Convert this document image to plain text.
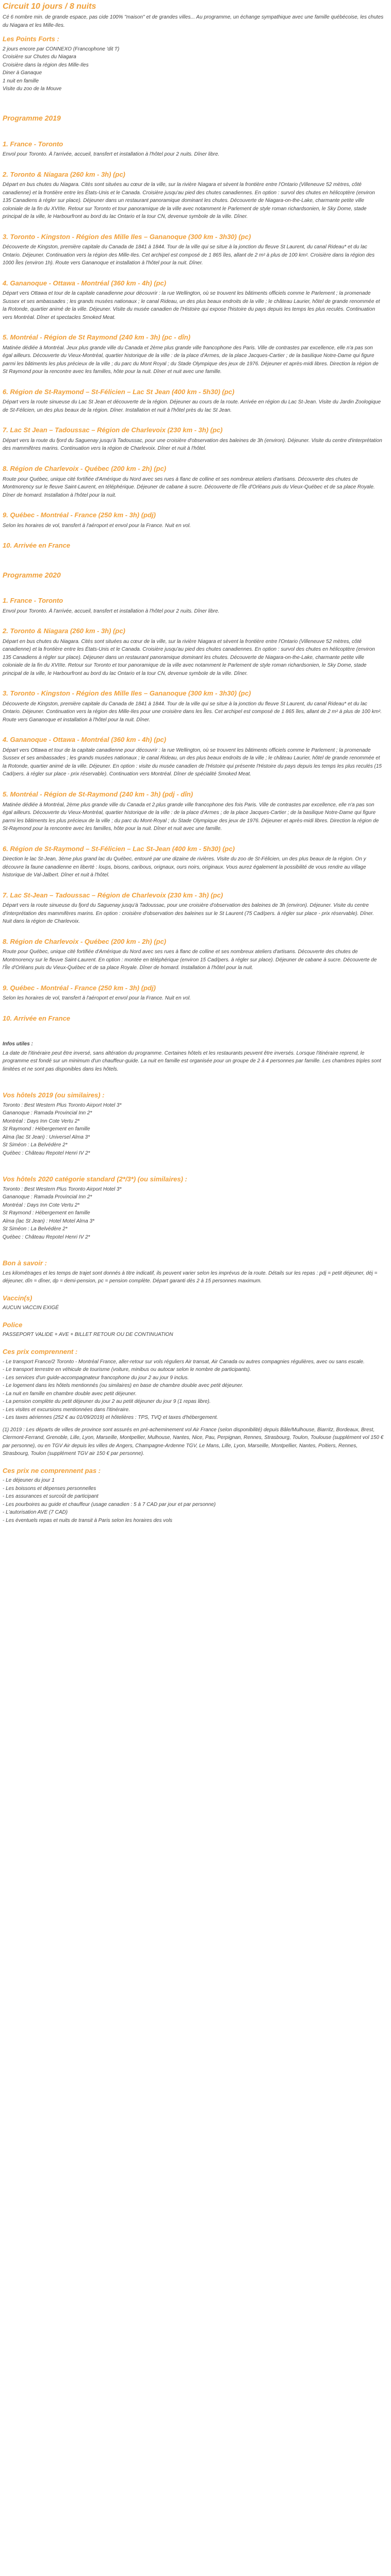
Circuit 10 jours / 8 nuits

Cé 6 nombre min. de grande espace, pas cide 100% "maison" et de grandes villes... Au programme, un échange sympathique avec une famille québécoise, les chutes du Niagara et les Mille-Iles.

Les Points Forts :
2 jours encore par CONNEXO (Francophone 'dit 'l')
Croisière sur Chutes du Niagara
Croisière dans la région des Mille-Iles
Diner à Ganaque
1 nuit en famille
Visite du zoo de la Mouve
Programme 2019
1. France - Toronto

Envol pour Toronto. À l'arrivée, accueil, transfert et installation à l'hôtel pour 2 nuits. Dîner libre.

2. Toronto & Niagara (260 km - 3h) (pc)

Départ en bus chutes du Niagara. Cités sont situées au cœur de la ville, sur la rivière Niagara et sèvent la frontière entre l'Ontario (Villeneuve 52 mètres, côté canadienne) et la frontière entre les États-Unis et le Canada. Croisière jusqu'au pied des chutes canadiennes. En option : survol des chutes en hélicoptère (environ 135 Canadiens à régler sur place). Déjeuner dans un restaurant panoramique dominant les chutes. Découverte de Niagara-on-the-Lake, charmante petite ville coloniale de la fin du XVIIIe. Retour sur Toronto et tour panoramique de la ville avec notamment le Parlement de style roman richardsonien, le Sky Dome, stade principal de la ville, le Harbourfront au bord du lac Ontario et la tour CN, devenue symbole de la ville. Dîner.

3. Toronto - Kingston - Région des Mille Iles – Gananoque (300 km - 3h30) (pc)

Découverte de Kingston, première capitale du Canada de 1841 à 1844. Tour de la ville qui se situe à la jonction du fleuve St Laurent, du canal Rideau* et du lac Ontario. Déjeuner. Continuation vers la région des Mille-Iles. Cet archipel est composé de 1 865 îles, allant de 2 m² à plus de 100 km². Croisière dans la région des 1000 Îles (environ 1h). Route vers Gananoque et installation à l'hôtel pour la nuit. Dîner.

4. Gananoque - Ottawa - Montréal (360 km - 4h) (pc)

Départ vers Ottawa et tour de la capitale canadienne pour découvrir : la rue Wellington, où se trouvent les bâtiments officiels comme le Parlement ; la promenade Sussex et ses ambassades ; les grands musées nationaux ; le canal Rideau, un des plus beaux endroits de la ville ; le château Laurier, hôtel de grande renommée et la Rotonde, quartier animé de la ville. Déjeuner. Visite du musée canadien de l'Histoire qui expose l'histoire du pays depuis les temps les plus reculés. Continuation vers Montréal. Dîner et spectacles Smoked Meat.

5. Montréal - Région de St Raymond (240 km - 3h) (pc - dîn)

Matinée dédiée à Montréal. Jeux plus grande ville du Canada et 2ème plus grande ville francophone des Paris. Ville de contrastes par excellence, elle n'a pas son égal ailleurs. Découverte du Vieux-Montréal, quartier historique de la ville : de la place d'Armes, de la place Jacques-Cartier ; de la basilique Notre-Dame qui figure parmi les bâtiments les plus précieux de la ville ; du parc du Mont Royal ; du Stade Olympique des jeux de 1976. Déjeuner et après-midi libres. Direction la région de St Raymond pour la rencontre avec les familles, hôte pour la nuit. Dîner et nuit avec une famille.

6. Région de St-Raymond – St-Félicien – Lac St Jean (400 km - 5h30) (pc)

Départ vers la route sinueuse du Lac St Jean et découverte de la région. Déjeuner au cours de la route. Arrivée en région du Lac St-Jean. Visite du Jardin Zoologique de St-Félicien, un des plus beaux de la région. Dîner. Installation et nuit à l'hôtel près du lac St Jean.

7. Lac St Jean – Tadoussac – Région de Charlevoix (230 km - 3h) (pc)

Départ vers la route du fjord du Saguenay jusqu'à Tadoussac, pour une croisière d'observation des baleines de 3h (environ). Déjeuner. Visite du centre d'interprétation des mammifères marins. Continuation vers la région de Charlevoix. Dîner et nuit à l'hôtel.

8. Région de Charlevoix - Québec (200 km - 2h) (pc)

Route pour Québec, unique cité fortifiée d'Amérique du Nord avec ses rues à flanc de colline et ses nombreux ateliers d'artisans. Découverte des chutes de Montmorency sur le fleuve Saint-Laurent, en téléphérique. Déjeuner de cabane à sucre. Découverte de l'Île d'Orléans puis du Vieux-Québec et de sa place Royale. Dîner de homard. Installation à l'hôtel pour la nuit.

9. Québec - Montréal - France (250 km - 3h) (pdj)

Selon les horaires de vol, transfert à l'aéroport et envol pour la France. Nuit en vol.

10. Arrivée en France
Programme 2020
1. France - Toronto

Envol pour Toronto. À l'arrivée, accueil, transfert et installation à l'hôtel pour 2 nuits. Dîner libre.

2. Toronto & Niagara (260 km - 3h) (pc)

Départ en bus chutes du Niagara. Cités sont situées au cœur de la ville, sur la rivière Niagara et sèvent la frontière entre l'Ontario (Villeneuve 52 mètres, côté canadienne) et la frontière entre les États-Unis et le Canada. Croisière jusqu'au pied des chutes canadiennes. En option : survol des chutes en hélicoptère (environ 135 Canadiens à régler sur place). Déjeuner dans un restaurant panoramique dominant les chutes. Découverte de Niagara-on-the-Lake, charmante petite ville coloniale de la fin du XVIIIe. Retour sur Toronto et tour panoramique de la ville avec notamment le Parlement de style roman richardsonien, le Sky Dome, stade principal de la ville, le Harbourfront au bord du lac Ontario et la tour CN, devenue symbole de la ville. Dîner.

3. Toronto - Kingston - Région des Mille Iles – Gananoque (300 km - 3h30) (pc)

Découverte de Kingston, première capitale du Canada de 1841 à 1844. Tour de la ville qui se situe à la jonction du fleuve St Laurent, du canal Rideau* et du lac Ontario. Déjeuner. Continuation vers la région des Mille-Iles pour une croisière dans les Îles. Cet archipel est composé de 1 865 îles, allant de 2 m² à plus de 100 km². Route vers Gananoque et installation à l'hôtel pour la nuit. Dîner.

4. Gananoque - Ottawa - Montréal (360 km - 4h) (pc)

Départ vers Ottawa et tour de la capitale canadienne pour découvrir : la rue Wellington, où se trouvent les bâtiments officiels comme le Parlement ; la promenade Sussex et ses ambassades ; les grands musées nationaux ; le canal Rideau, un des plus beaux endroits de la ville ; le château Laurier, hôtel de grande renommée et la Rotonde, quartier animé de la ville. Déjeuner. En option : visite du musée canadien de l'Histoire qui présente l'Histoire du pays depuis les temps les plus reculés (15 Cad/pers. à régler sur place - prix réservable). Continuation vers Montréal. Dîner de spécialité Smoked Meat.

5. Montréal - Région de St-Raymond (240 km - 3h) (pdj - dîn)

Matinée dédiée à Montréal, 2ème plus grande ville du Canada et 2.plus grande ville francophone des fois Paris. Ville de contrastes par excellence, elle n'a pas son égal ailleurs. Découverte du Vieux-Montréal, quartier historique de la ville : de la place d'Armes ; de la place Jacques-Cartier ; de la basilique Notre-Dame qui figure parmi les bâtiments les plus précieux de la ville ; du parc du Mont-Royal ; du Stade Olympique des jeux de 1976. Déjeuner et après-midi libres. Direction la région de St-Raymond pour la rencontre avec les familles, hôte pour la nuit. Dîner et nuit avec une famille.

6. Région de St-Raymond – St-Félicien – Lac St-Jean (400 km - 5h30) (pc)

Direction le lac St-Jean, 3ème plus grand lac du Québec, entouré par une dizaine de rivières. Visite du zoo de St-Félicien, un des plus beaux de la région. On y découvre la faune canadienne en liberté : loups, bisons, caribous, orignaux, ours noirs, originaux. Vous aurez également la possibilité de vous rendre au village historique de Val-Jalbert. Dîner et nuit à l'hôtel.

7. Lac St-Jean – Tadoussac – Région de Charlevoix (230 km - 3h) (pc)

Départ vers la route sinueuse du fjord du Saguenay jusqu'à Tadoussac, pour une croisière d'observation des baleines de 3h (environ). Déjeuner. Visite du centre d'interprétation des mammifères marins. En option : croisière d'observation des baleines sur le St Laurent (75 Cad/pers. à régler sur place - prix réservable). Dîner. Nuit dans la région de Charlevoix.

8. Région de Charlevoix - Québec (200 km - 2h) (pc)

Route pour Québec, unique cité fortifiée d'Amérique du Nord avec ses rues à flanc de colline et ses nombreux ateliers d'artisans. Découverte des chutes de Montmorency sur le fleuve Saint-Laurent. En option : montée en téléphérique (environ 15 Cad/pers. à régler sur place). Déjeuner de cabane à sucre. Découverte de l'Île d'Orléans puis du Vieux-Québec et de sa place Royale. Dîner de homard. Installation à l'hôtel pour la nuit.

9. Québec - Montréal - France (250 km - 3h) (pdj)

Selon les horaires de vol, transfert à l'aéroport et envol pour la France. Nuit en vol.

10. Arrivée en France

Infos utiles :

La date de l'itinéraire peut être inversé, sans altération du programme. Certaines hôtels et les restaurants peuvent être inversés. Lorsque l'itinéraire reprend, le programme est fondé sur un minimum d'un chauffeur-guide. La nuit en famille est organisée pour un groupe de 2 à 4 personnes par famille. Les chambres triples sont limitées et ne sont pas disponibles dans les hôtels.

Vos hôtels 2019 (ou similaires) :
Toronto : Best Western Plus Toronto Airport Hotel 3*
Gananoque : Ramada Provincial Inn 2*
Montréal : Days Inn Cote Vertu 2*
St Raymond : Hébergement en famille
Alma (lac St Jean) : Universel Alma 3*
St Siméon : La Belvédère 2*
Québec : Château Repotel Henri IV 2*
Vos hôtels 2020 catégorie standard (2*/3*) (ou similaires) :
Toronto : Best Western Plus Toronto Airport Hotel 3*
Gananoque : Ramada Provincial Inn 2*
Montréal : Days Inn Cote Vertu 2*
St Raymond : Hébergement en famille
Alma (lac St Jean) : Hotel Motel Alma 3*
St Siméon : La Belvédère 2*
Québec : Château Repotel Henri IV 2*
Bon à savoir :

Les kilométrages et les temps de trajet sont donnés à titre indicatif, ils peuvent varier selon les imprévus de la route. Détails sur les repas : pdj = petit déjeuner, déj = déjeuner, dîn = dîner, dp = demi-pension, pc = pension complète. Départ garanti dès 2 à 15 personnes maximum.

Vaccin(s)

AUCUN VACCIN EXIGÉ

Police

PASSEPORT VALIDE + AVE + BILLET RETOUR OU DE CONTINUATION

Ces prix comprennent :
- Le transport France/2 Toronto - Montréal France, aller-retour sur vols réguliers Air transat, Air Canada ou autres compagnies régulières, avec ou sans escale.
- Le transport terrestre en véhicule de tourisme (voiture, minibus ou autocar selon le nombre de participants).
- Les services d'un guide-accompagnateur francophone du jour 2 au jour 9 inclus.
- Le logement dans les hôtels mentionnés (ou similaires) en base de chambre double avec petit déjeuner.
- La nuit en famille en chambre double avec petit déjeuner.
- La pension complète du petit déjeuner du jour 2 au petit déjeuner du jour 9 (1 repas libre).
- Les visites et excursions mentionnées dans l'itinéraire.
- Les taxes aériennes (252 € au 01/09/2019) et hôtelières : TPS, TVQ et taxes d'hébergement.

(1) 2019 : Les départs de villes de province sont assurés en pré-acheminement vol Air France (selon disponibilité) depuis Bâle/Mulhouse, Biarritz, Bordeaux, Brest, Clermont-Ferrand, Grenoble, Lille, Lyon, Marseille, Montpellier, Mulhouse, Nantes, Nice, Pau, Perpignan, Rennes, Strasbourg, Toulon, Toulouse (supplément vol 150 € par personne), ou en TGV Air depuis les villes de Angers, Champagne-Ardenne TGV, Le Mans, Lille, Lyon, Marseille, Montpellier, Nantes, Poitiers, Rennes, Strasbourg, Toulon (supplément TGV air 150 € par personne).

Ces prix ne comprennent pas :
- Le déjeuner du jour 1
- Les boissons et dépenses personnelles
- Les assurances et surcoût de participant
- Les pourboires au guide et chauffeur (usage canadien : 5 à 7 CAD par jour et par personne)
- L'autorisation AVE (7 CAD)
- Les éventuels repas et nuits de transit à Paris selon les horaires des vols
